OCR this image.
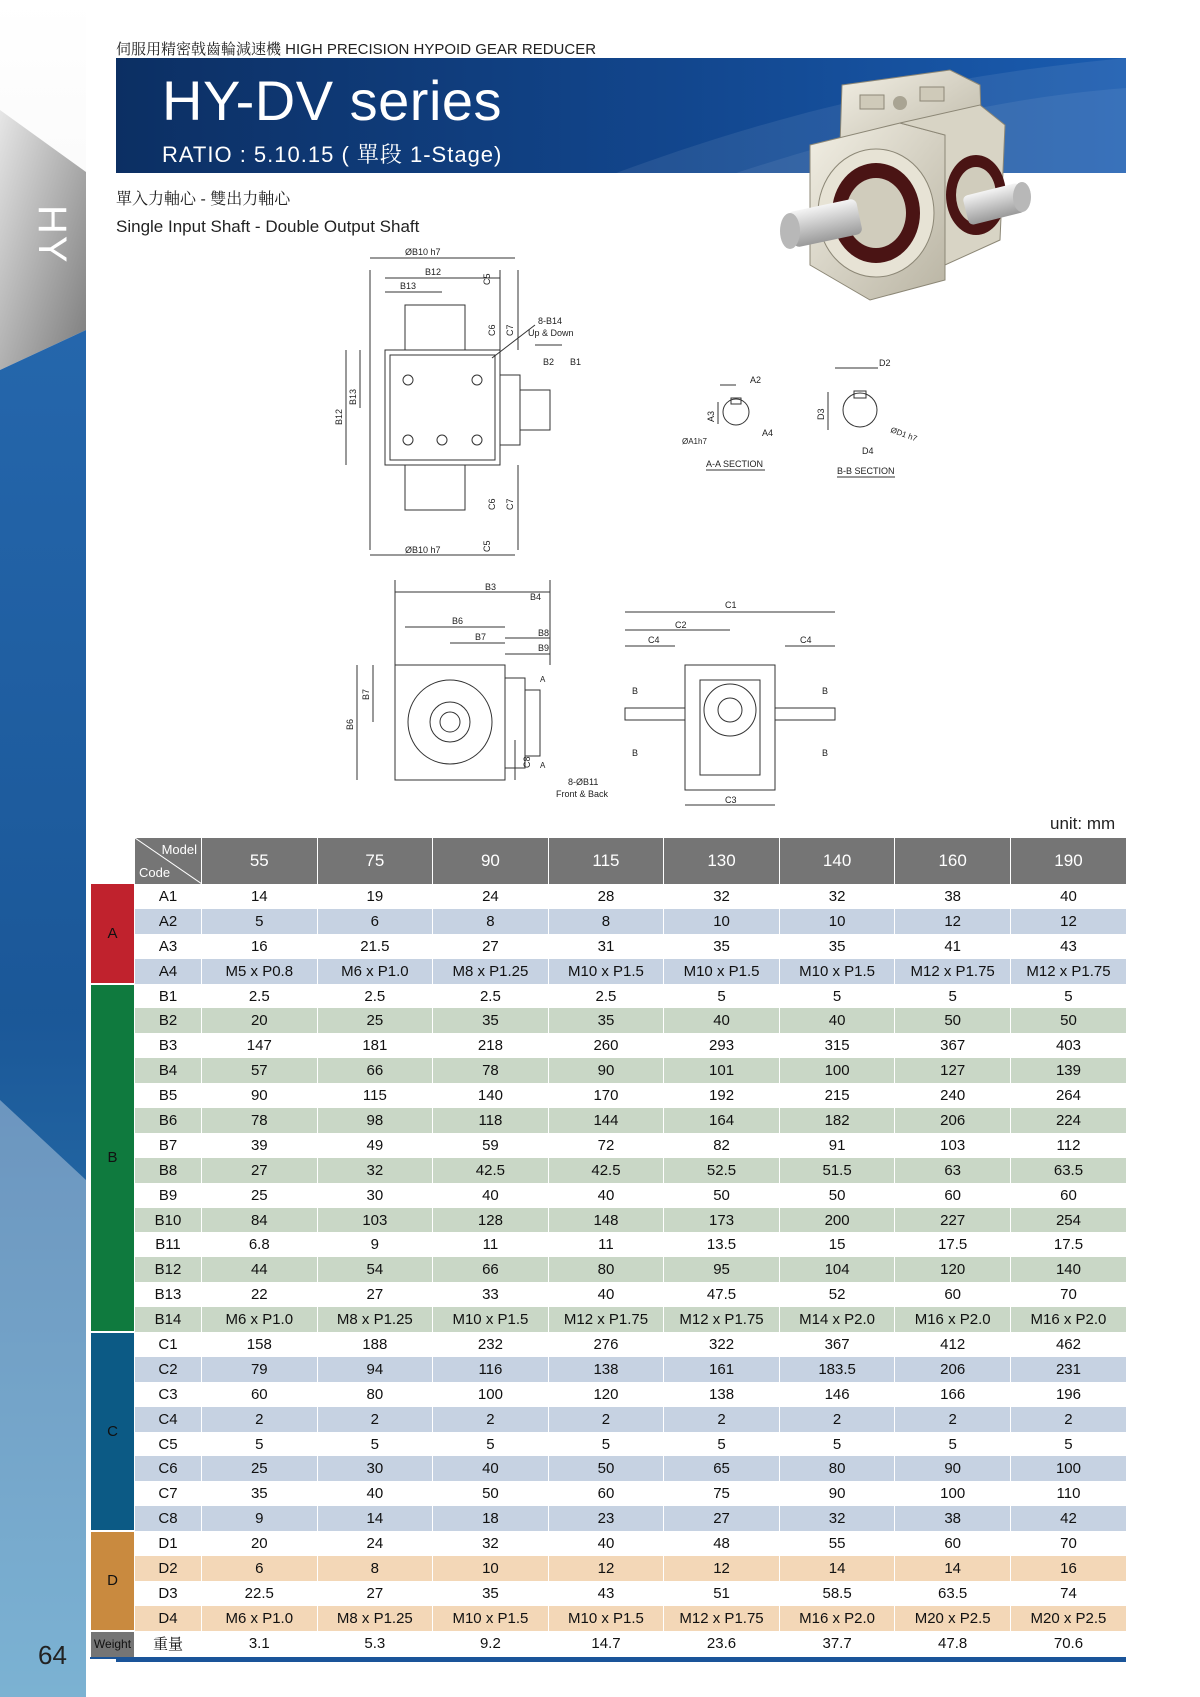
HY
伺服用精密戟齒輪減速機 HIGH PRECISION HYPOID GEAR REDUCER
HY-DV series
RATIO : 5.10.15 ( 單段 1-Stage)
單入力軸心 - 雙出力軸心
Single Input Shaft - Double Output Shaft
ØB10 h7
B12
B13
C5
C6 C7
8-B14
Up & Down
B2 B1
B12
B13
C6 C7
C5
ØB10 h7
A2
A3
ØA1h7
A4
A-A SECTION
D2
D3
ØD1 h7
D4
B-B SECTION
B3
B4
B6
B7	B8
B9
B6
B7
C8
A
A
8-ØB11
Front & Back
C1
C2
C4	C4
C3
B
B
B
B
unit: mm

	Model
Code	55	75	90	115	130	140	160	190
A	A1	14	19	24	28	32	32	38	40
	A2	5	6	8	8	10	10	12	12
	A3	16	21.5	27	31	35	35	41	43
	A4	M5 x P0.8	M6 x P1.0	M8 x P1.25	M10 x P1.5	M10 x P1.5	M10 x P1.5	M12 x P1.75	M12 x P1.75
B	B1	2.5	2.5	2.5	2.5	5	5	5	5
	B2	20	25	35	35	40	40	50	50
	B3	147	181	218	260	293	315	367	403
	B4	57	66	78	90	101	100	127	139
	B5	90	115	140	170	192	215	240	264
	B6	78	98	118	144	164	182	206	224
	B7	39	49	59	72	82	91	103	112
	B8	27	32	42.5	42.5	52.5	51.5	63	63.5
	B9	25	30	40	40	50	50	60	60
	B10	84	103	128	148	173	200	227	254
	B11	6.8	9	11	11	13.5	15	17.5	17.5
	B12	44	54	66	80	95	104	120	140
	B13	22	27	33	40	47.5	52	60	70
	B14	M6 x P1.0	M8 x P1.25	M10 x P1.5	M12 x P1.75	M12 x P1.75	M14 x P2.0	M16 x P2.0	M16 x P2.0
C	C1	158	188	232	276	322	367	412	462
	C2	79	94	116	138	161	183.5	206	231
	C3	60	80	100	120	138	146	166	196
	C4	2	2	2	2	2	2	2	2
	C5	5	5	5	5	5	5	5	5
	C6	25	30	40	50	65	80	90	100
	C7	35	40	50	60	75	90	100	110
	C8	9	14	18	23	27	32	38	42
D	D1	20	24	32	40	48	55	60	70
	D2	6	8	10	12	12	14	14	16
	D3	22.5	27	35	43	51	58.5	63.5	74
	D4	M6 x P1.0	M8 x P1.25	M10 x P1.5	M10 x P1.5	M12 x P1.75	M16 x P2.0	M20 x P2.5	M20 x P2.5
Weight	重量	3.1	5.3	9.2	14.7	23.6	37.7	47.8	70.6
64
